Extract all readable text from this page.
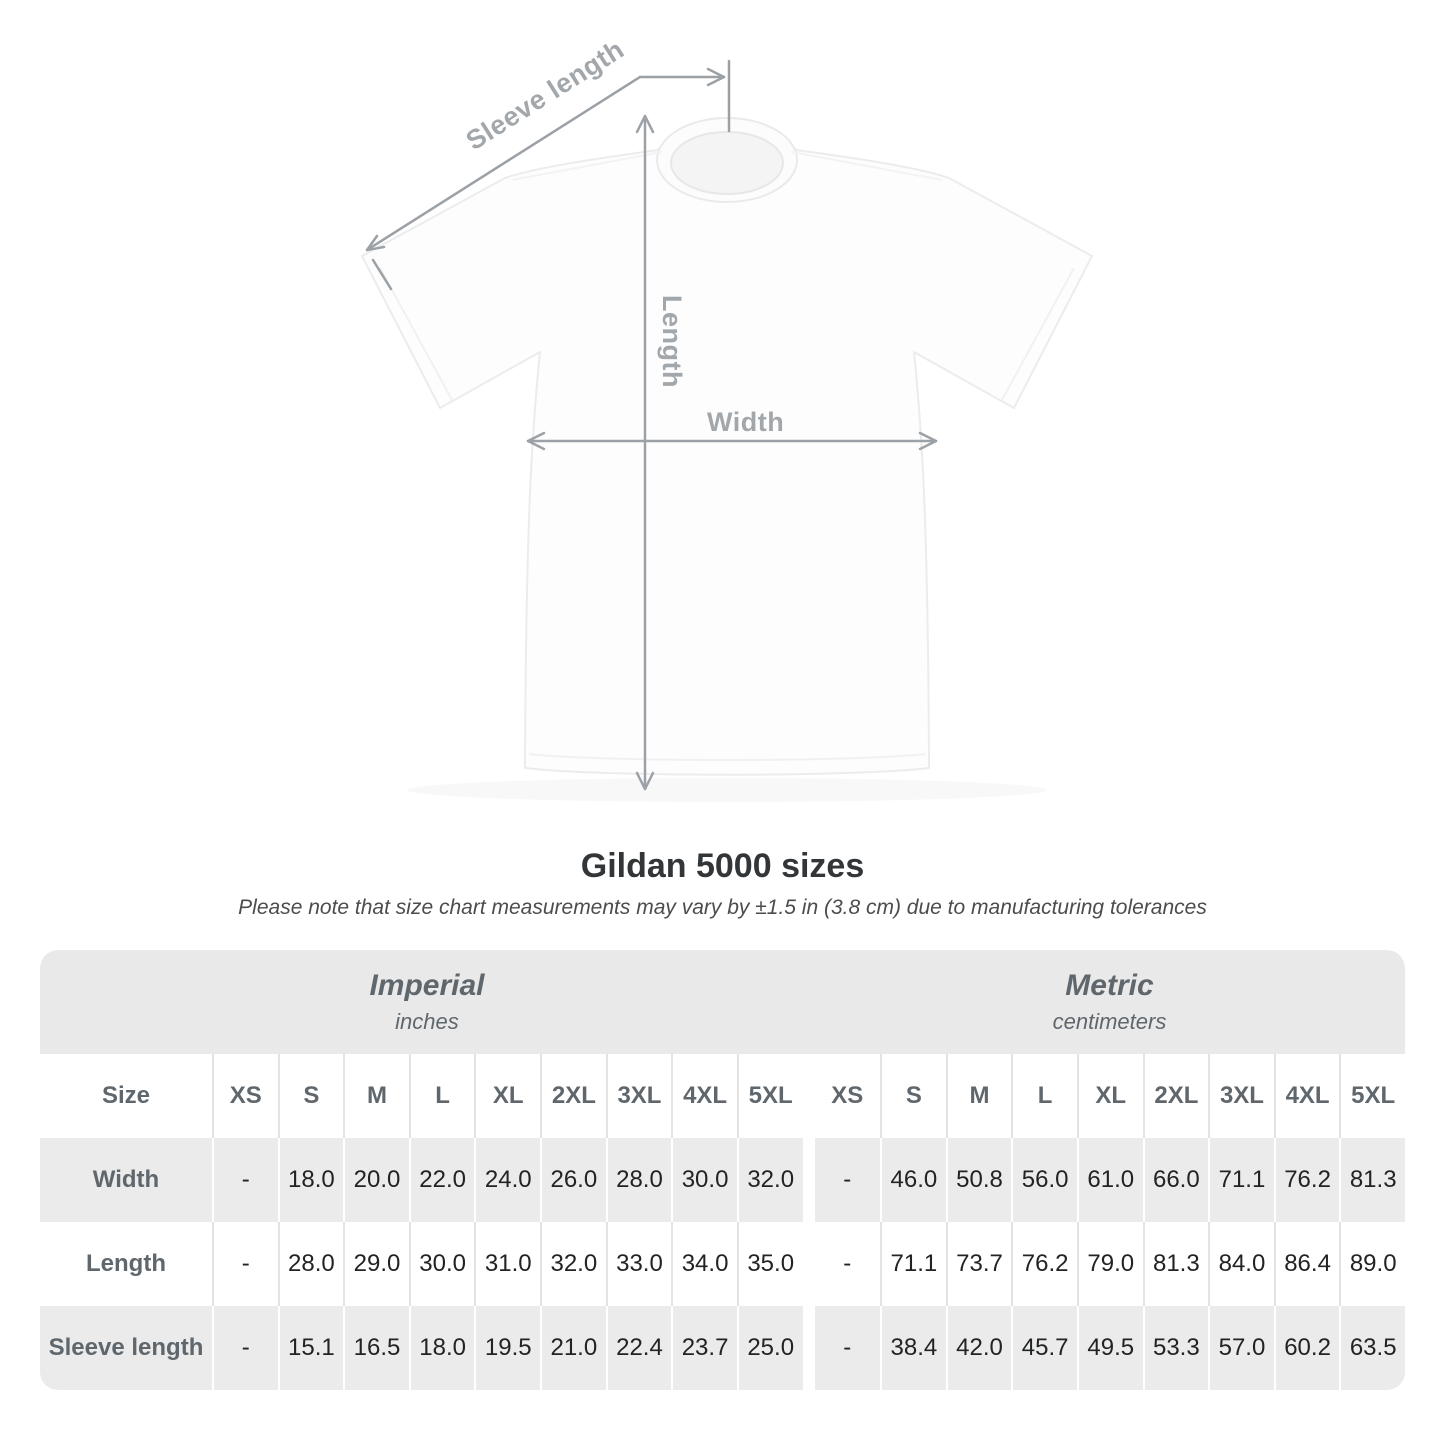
Sleeve length
Length
Width
Gildan 5000 sizes

Please note that size chart measurements may vary by ±1.5 in (3.8 cm) due to manufacturing tolerances

Imperial
inches
Metric
centimeters
Size	XS	S	M	L	XL	2XL 3XL 4XL 5XL	XS	S	M	L	XL	2XL 3XL 4XL 5XL
Width	-	18.0 20.0 22.0 24.0 26.0 28.0 30.0 32.0	-	46.0 50.8 56.0 61.0 66.0 71.1 76.2 81.3
Length	-	28.0 29.0 30.0 31.0 32.0 33.0 34.0 35.0	-	71.1 73.7 76.2 79.0 81.3 84.0 86.4 89.0
Sleeve length	-	15.1 16.5 18.0 19.5 21.0 22.4 23.7 25.0	-	38.4 42.0 45.7 49.5 53.3 57.0 60.2 63.5
